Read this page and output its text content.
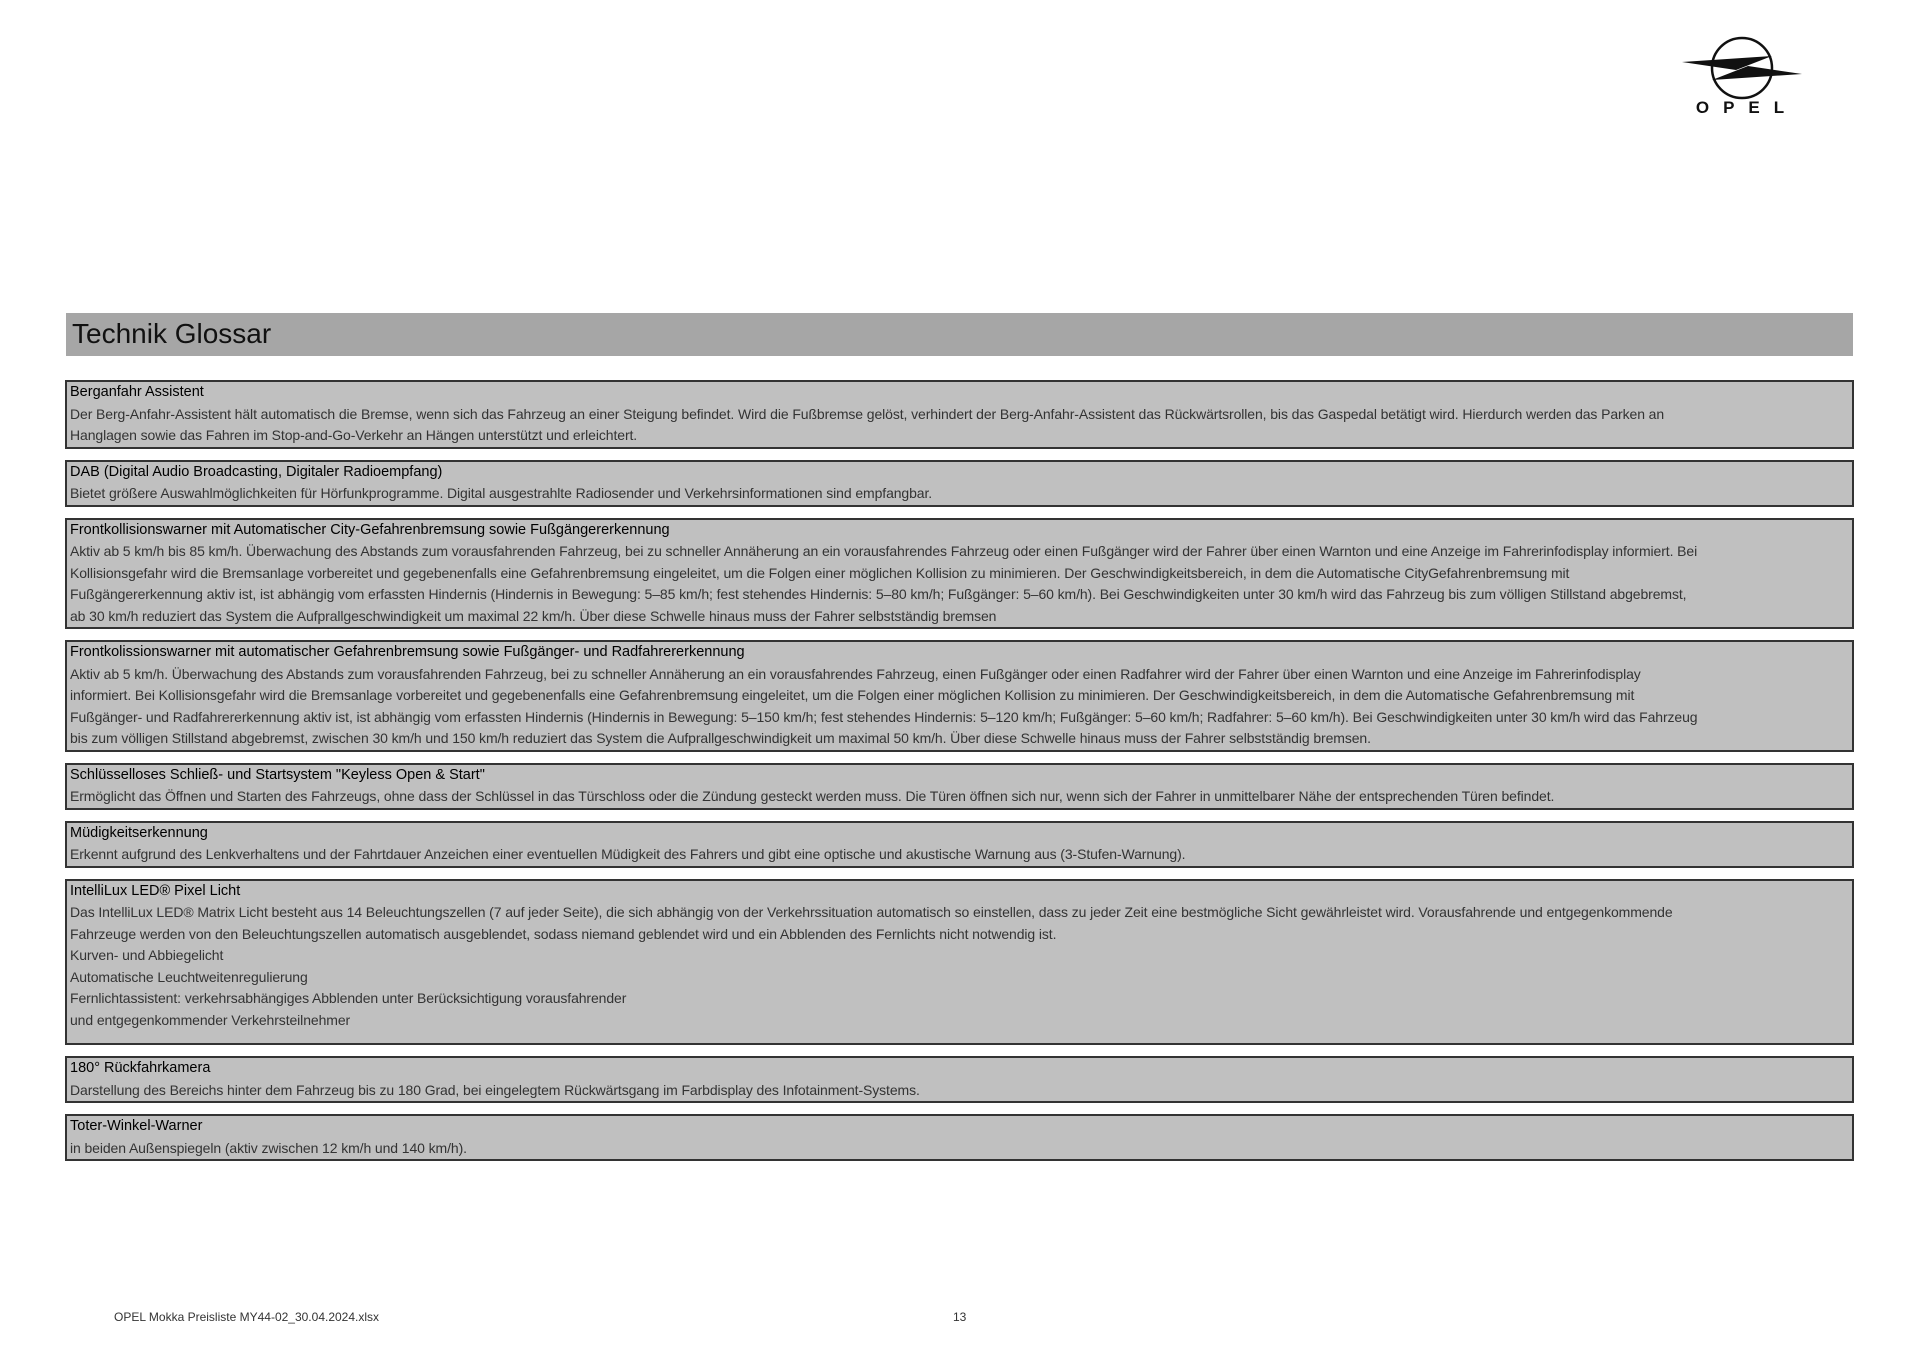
OPEL
Technik Glossar
Berganfahr Assistent
Der Berg-Anfahr-Assistent hält automatisch die Bremse, wenn sich das Fahrzeug an einer Steigung befindet. Wird die Fußbremse gelöst, verhindert der Berg-Anfahr-Assistent das Rückwärtsrollen, bis das Gaspedal betätigt wird. Hierdurch werden das Parken an
Hanglagen sowie das Fahren im Stop-and-Go-Verkehr an Hängen unterstützt und erleichtert.
DAB (Digital Audio Broadcasting, Digitaler Radioempfang)
Bietet größere Auswahlmöglichkeiten für Hörfunkprogramme. Digital ausgestrahlte Radiosender und Verkehrsinformationen sind empfangbar.
Frontkollisionswarner mit Automatischer City-Gefahrenbremsung sowie Fußgängererkennung
Aktiv ab 5 km/h bis 85 km/h. Überwachung des Abstands zum vorausfahrenden Fahrzeug, bei zu schneller Annäherung an ein vorausfahrendes Fahrzeug oder einen Fußgänger wird der Fahrer über einen Warnton und eine Anzeige im Fahrerinfodisplay informiert. Bei
Kollisionsgefahr wird die Bremsanlage vorbereitet und gegebenenfalls eine Gefahrenbremsung eingeleitet, um die Folgen einer möglichen Kollision zu minimieren. Der Geschwindigkeitsbereich, in dem die Automatische CityGefahrenbremsung mit
Fußgängererkennung aktiv ist, ist abhängig vom erfassten Hindernis (Hindernis in Bewegung: 5–85 km/h; fest stehendes Hindernis: 5–80 km/h; Fußgänger: 5–60 km/h). Bei Geschwindigkeiten unter 30 km/h wird das Fahrzeug bis zum völligen Stillstand abgebremst,
ab 30 km/h reduziert das System die Aufprallgeschwindigkeit um maximal 22 km/h. Über diese Schwelle hinaus muss der Fahrer selbstständig bremsen
Frontkolissionswarner mit automatischer Gefahrenbremsung sowie Fußgänger- und Radfahrererkennung
Aktiv ab 5 km/h. Überwachung des Abstands zum vorausfahrenden Fahrzeug, bei zu schneller Annäherung an ein vorausfahrendes Fahrzeug, einen Fußgänger oder einen Radfahrer wird der Fahrer über einen Warnton und eine Anzeige im Fahrerinfodisplay
informiert. Bei Kollisionsgefahr wird die Bremsanlage vorbereitet und gegebenenfalls eine Gefahrenbremsung eingeleitet, um die Folgen einer möglichen Kollision zu minimieren. Der Geschwindigkeitsbereich, in dem die Automatische Gefahrenbremsung mit
Fußgänger- und Radfahrererkennung aktiv ist, ist abhängig vom erfassten Hindernis (Hindernis in Bewegung: 5–150 km/h; fest stehendes Hindernis: 5–120 km/h; Fußgänger: 5–60 km/h; Radfahrer: 5–60 km/h). Bei Geschwindigkeiten unter 30 km/h wird das Fahrzeug
bis zum völligen Stillstand abgebremst, zwischen 30 km/h und 150 km/h reduziert das System die Aufprallgeschwindigkeit um maximal 50 km/h. Über diese Schwelle hinaus muss der Fahrer selbstständig bremsen.
Schlüsselloses Schließ- und Startsystem "Keyless Open & Start"
Ermöglicht das Öffnen und Starten des Fahrzeugs, ohne dass der Schlüssel in das Türschloss oder die Zündung gesteckt werden muss. Die Türen öffnen sich nur, wenn sich der Fahrer in unmittelbarer Nähe der entsprechenden Türen befindet.
Müdigkeitserkennung
Erkennt aufgrund des Lenkverhaltens und der Fahrtdauer Anzeichen einer eventuellen Müdigkeit des Fahrers und gibt eine optische und akustische Warnung aus (3-Stufen-Warnung).
IntelliLux LED® Pixel Licht
Das IntelliLux LED® Matrix Licht besteht aus 14 Beleuchtungszellen (7 auf jeder Seite), die sich abhängig von der Verkehrssituation automatisch so einstellen, dass zu jeder Zeit eine bestmögliche Sicht gewährleistet wird. Vorausfahrende und entgegenkommende
Fahrzeuge werden von den Beleuchtungszellen automatisch ausgeblendet, sodass niemand geblendet wird und ein Abblenden des Fernlichts nicht notwendig ist.
Kurven- und Abbiegelicht
Automatische Leuchtweitenregulierung
Fernlichtassistent: verkehrsabhängiges Abblenden unter Berücksichtigung vorausfahrender
und entgegenkommender Verkehrsteilnehmer
180° Rückfahrkamera
Darstellung des Bereichs hinter dem Fahrzeug bis zu 180 Grad, bei eingelegtem Rückwärtsgang im Farbdisplay des Infotainment-Systems.
Toter-Winkel-Warner
in beiden Außenspiegeln (aktiv zwischen 12 km/h und 140 km/h).
OPEL Mokka Preisliste MY44-02_30.04.2024.xlsx	13
